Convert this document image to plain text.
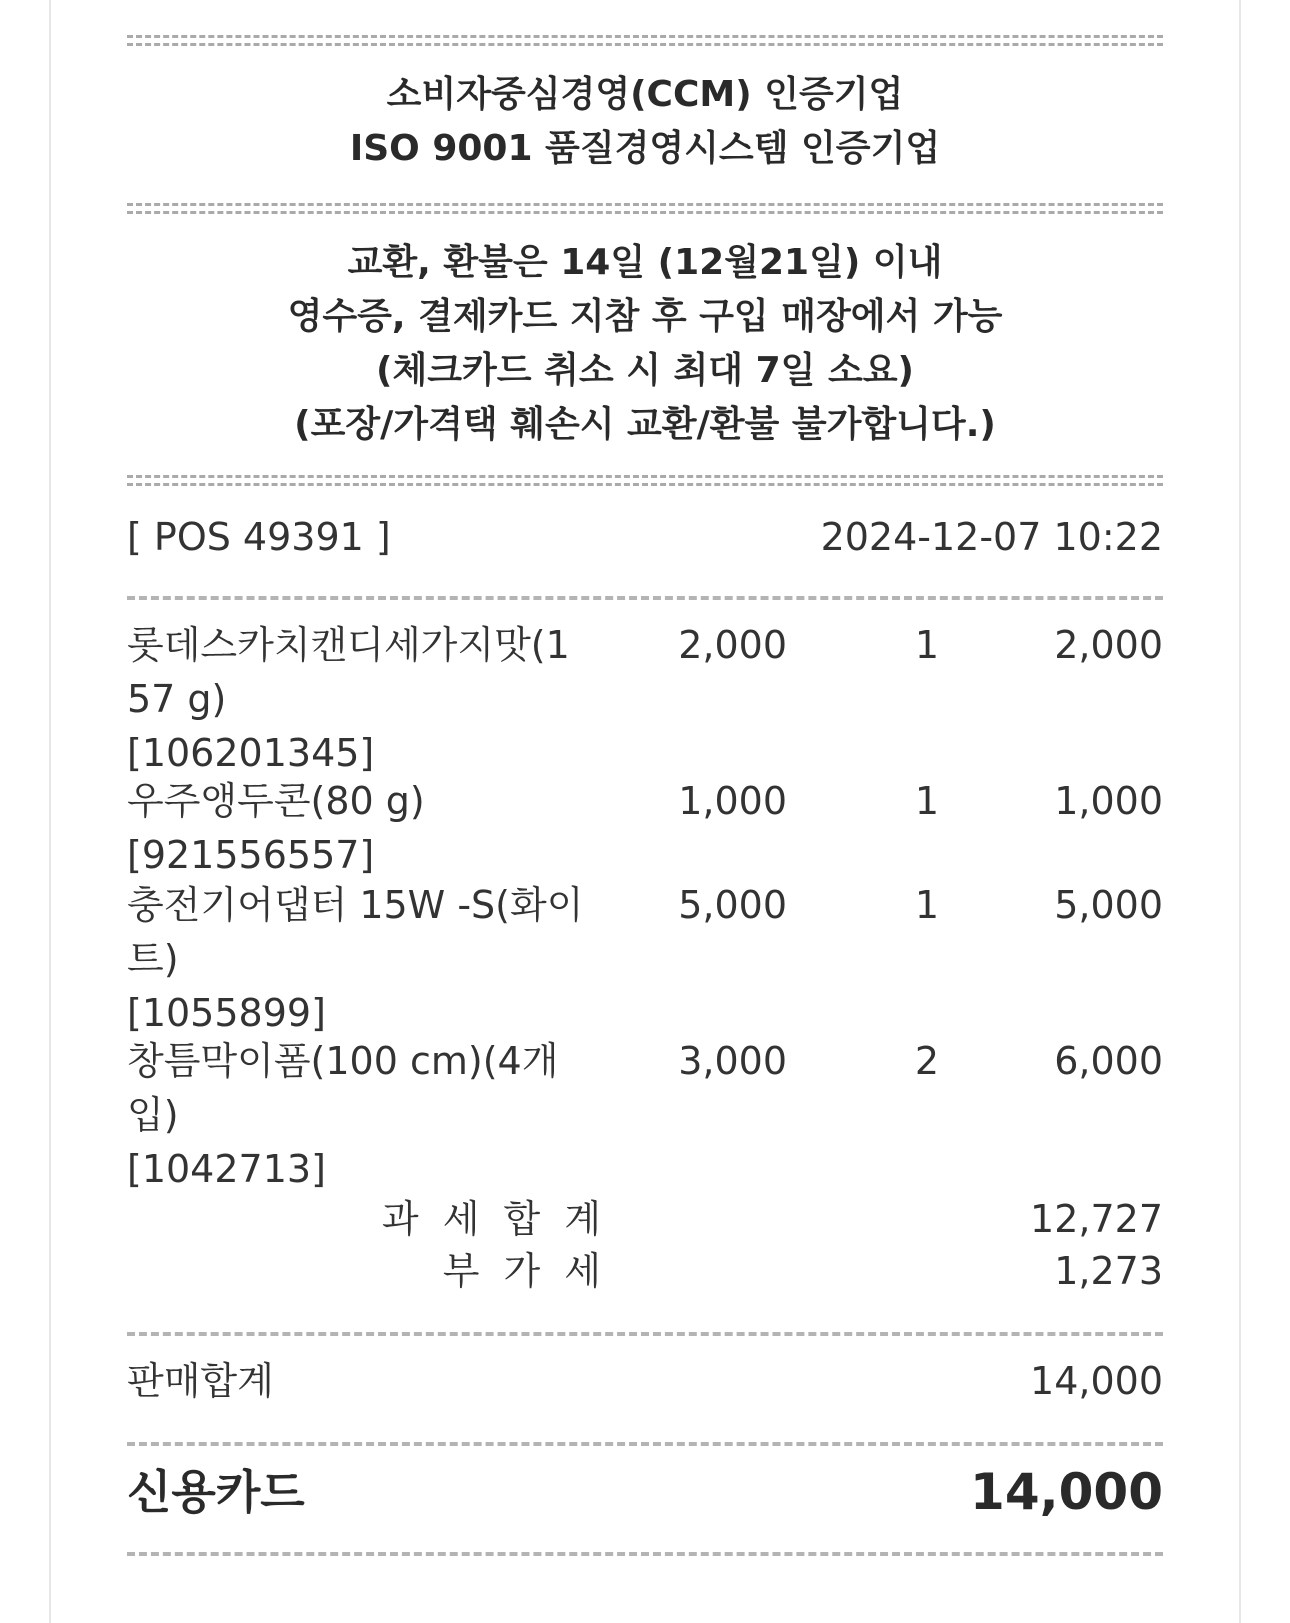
소비자중심경영(CCM) 인증기업
ISO 9001 품질경영시스템 인증기업
교환, 환불은 14일 (12월21일) 이내
영수증, 결제카드 지참 후 구입 매장에서 가능
(체크카드 취소 시 최대 7일 소요)
(포장/가격택 훼손시 교환/환불 불가합니다.)
[ POS 49391 ]	2024-12-07 10:22
롯데스카치캔디세가지맛(157 g)
[106201345]
2,000	1	2,000
우주앵두콘(80 g)
[921556557]
1,000	1	1,000
충전기어댑터 15W -S(화이트)
[1055899]
5,000	1	5,000
창틈막이폼(100 cm)(4개입)
[1042713]
3,000	2	6,000
과 세 합 계	12,727
부 가 세	1,273
판매합계	14,000
신용카드	14,000
